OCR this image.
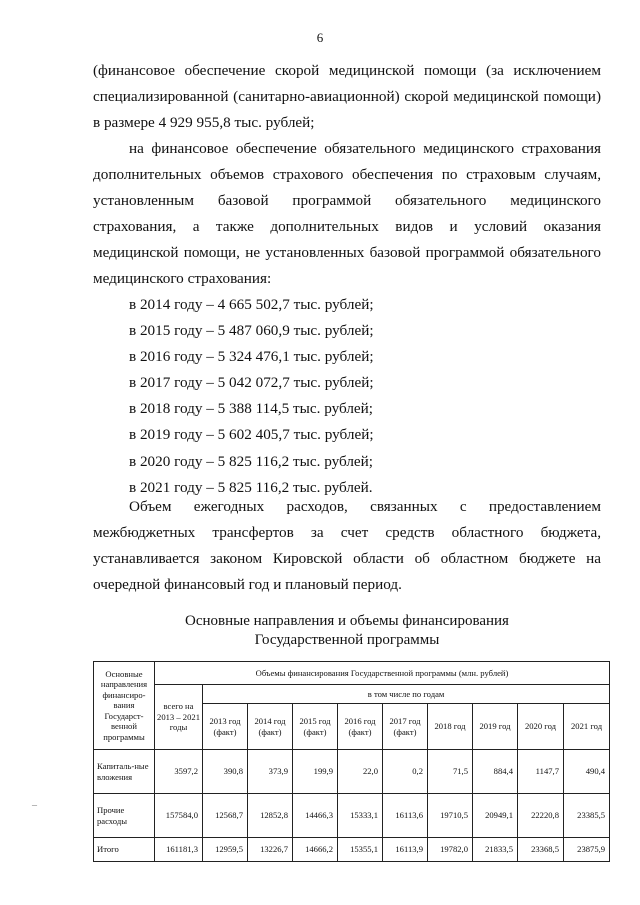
6

(финансовое обеспечение скорой медицинской помощи (за исключением специализированной (санитарно-авиационной) скорой медицинской помощи) в размере 4 929 955,8 тыс. рублей;

на финансовое обеспечение обязательного медицинского страхования дополнительных объемов страхового обеспечения по страховым случаям, установленным базовой программой обязательного медицинского страхования, а также дополнительных видов и условий оказания медицинской помощи, не установленных базовой программой обязательного медицинского страхования:

в 2014 году – 4 665 502,7 тыс. рублей;

в 2015 году – 5 487 060,9 тыс. рублей;

в 2016 году – 5 324 476,1 тыс. рублей;

в 2017 году – 5 042 072,7 тыс. рублей;

в 2018 году – 5 388 114,5 тыс. рублей;

в 2019 году – 5 602 405,7 тыс. рублей;

в 2020 году – 5 825 116,2 тыс. рублей;

в 2021 году – 5 825 116,2 тыс. рублей.

Объем ежегодных расходов, связанных с предоставлением межбюджетных трансфертов за счет средств областного бюджета, устанавливается законом Кировской области об областном бюджете на очередной финансовый год и плановый период.

Основные направления и объемы финансирования
Государственной программы
Основные направления финансиро-вания Государст-венной программы	Объемы финансирования Государственной программы (млн. рублей)									
	всего на 2013 – 2021 годы	в том числе по годам								
		2013 год (факт)	2014 год (факт)	2015 год (факт)	2016 год (факт)	2017 год (факт)	2018 год	2019 год	2020 год	2021 год
Капиталь-ные вложения	3597,2	390,8	373,9	199,9	22,0	0,2	71,5	884,4	1147,7	490,4
Прочие расходы	157584,0	12568,7	12852,8	14466,3	15333,1	16113,6	19710,5	20949,1	22220,8	23385,5
Итого	161181,3	12959,5	13226,7	14666,2	15355,1	16113,9	19782,0	21833,5	23368,5	23875,9
–
